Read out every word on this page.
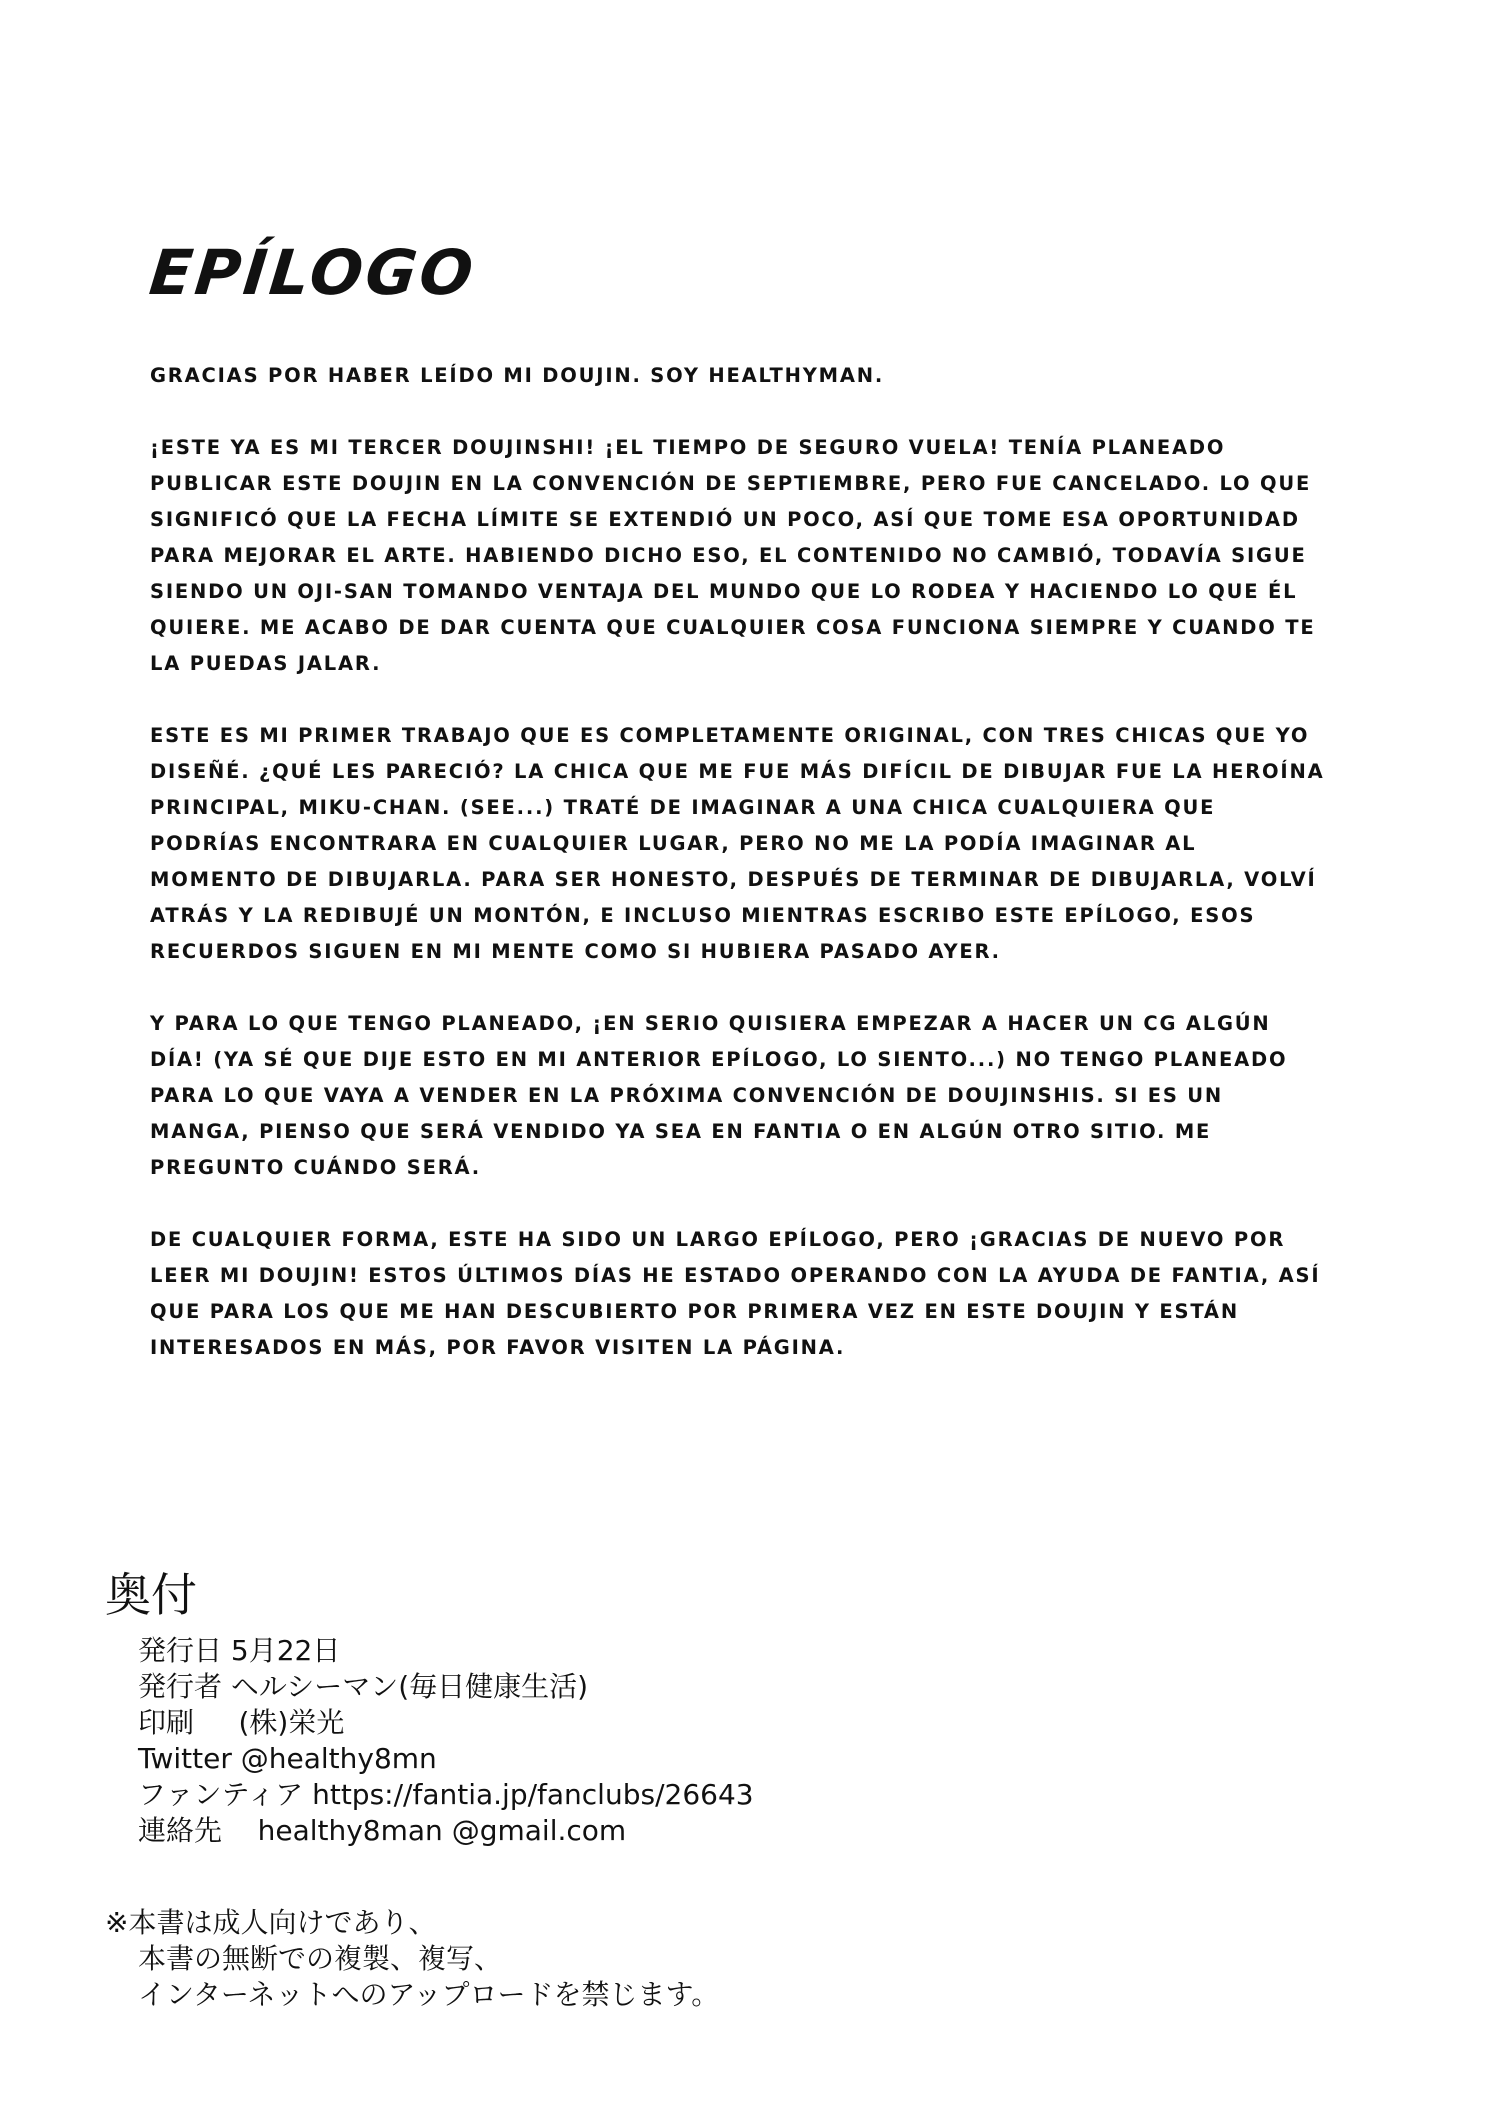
EPÍLOGO

GRACIAS POR HABER LEÍDO MI DOUJIN. SOY HEALTHYMAN.

¡ESTE YA ES MI TERCER DOUJINSHI! ¡EL TIEMPO DE SEGURO VUELA! TENÍA PLANEADO PUBLICAR ESTE DOUJIN EN LA CONVENCIÓN DE SEPTIEMBRE, PERO FUE CANCELADO. LO QUE SIGNIFICÓ QUE LA FECHA LÍMITE SE EXTENDIÓ UN POCO, ASÍ QUE TOME ESA OPORTUNIDAD PARA MEJORAR EL ARTE. HABIENDO DICHO ESO, EL CONTENIDO NO CAMBIÓ, TODAVÍA SIGUE SIENDO UN OJI-SAN TOMANDO VENTAJA DEL MUNDO QUE LO RODEA Y HACIENDO LO QUE ÉL QUIERE. ME ACABO DE DAR CUENTA QUE CUALQUIER COSA FUNCIONA SIEMPRE Y CUANDO TE LA PUEDAS JALAR.

ESTE ES MI PRIMER TRABAJO QUE ES COMPLETAMENTE ORIGINAL, CON TRES CHICAS QUE YO DISEÑÉ. ¿QUÉ LES PARECIÓ? LA CHICA QUE ME FUE MÁS DIFÍCIL DE DIBUJAR FUE LA HEROÍNA PRINCIPAL, MIKU-CHAN. (SEE...) TRATÉ DE IMAGINAR A UNA CHICA CUALQUIERA QUE PODRÍAS ENCONTRARA EN CUALQUIER LUGAR, PERO NO ME LA PODÍA IMAGINAR AL MOMENTO DE DIBUJARLA. PARA SER HONESTO, DESPUÉS DE TERMINAR DE DIBUJARLA, VOLVÍ ATRÁS Y LA REDIBUJÉ UN MONTÓN, E INCLUSO MIENTRAS ESCRIBO ESTE EPÍLOGO, ESOS RECUERDOS SIGUEN EN MI MENTE COMO SI HUBIERA PASADO AYER.

Y PARA LO QUE TENGO PLANEADO, ¡EN SERIO QUISIERA EMPEZAR A HACER UN CG ALGÚN DÍA! (YA SÉ QUE DIJE ESTO EN MI ANTERIOR EPÍLOGO, LO SIENTO...) NO TENGO PLANEADO PARA LO QUE VAYA A VENDER EN LA PRÓXIMA CONVENCIÓN DE DOUJINSHIS. SI ES UN MANGA, PIENSO QUE SERÁ VENDIDO YA SEA EN FANTIA O EN ALGÚN OTRO SITIO. ME PREGUNTO CUÁNDO SERÁ.

DE CUALQUIER FORMA, ESTE HA SIDO UN LARGO EPÍLOGO, PERO ¡GRACIAS DE NUEVO POR LEER MI DOUJIN! ESTOS ÚLTIMOS DÍAS HE ESTADO OPERANDO CON LA AYUDA DE FANTIA, ASÍ QUE PARA LOS QUE ME HAN DESCUBIERTO POR PRIMERA VEZ EN ESTE DOUJIN Y ESTÁN INTERESADOS EN MÁS, POR FAVOR VISITEN LA PÁGINA.

奥付
発行日 5月22日
発行者 ヘルシーマン(毎日健康生活)
印刷     (株)栄光
Twitter @healthy8mn
ファンティア https://fantia.jp/fanclubs/26643
連絡先    healthy8man @gmail.com
※本書は成人向けであり、
本書の無断での複製、複写、
インターネットへのアップロードを禁じます。
